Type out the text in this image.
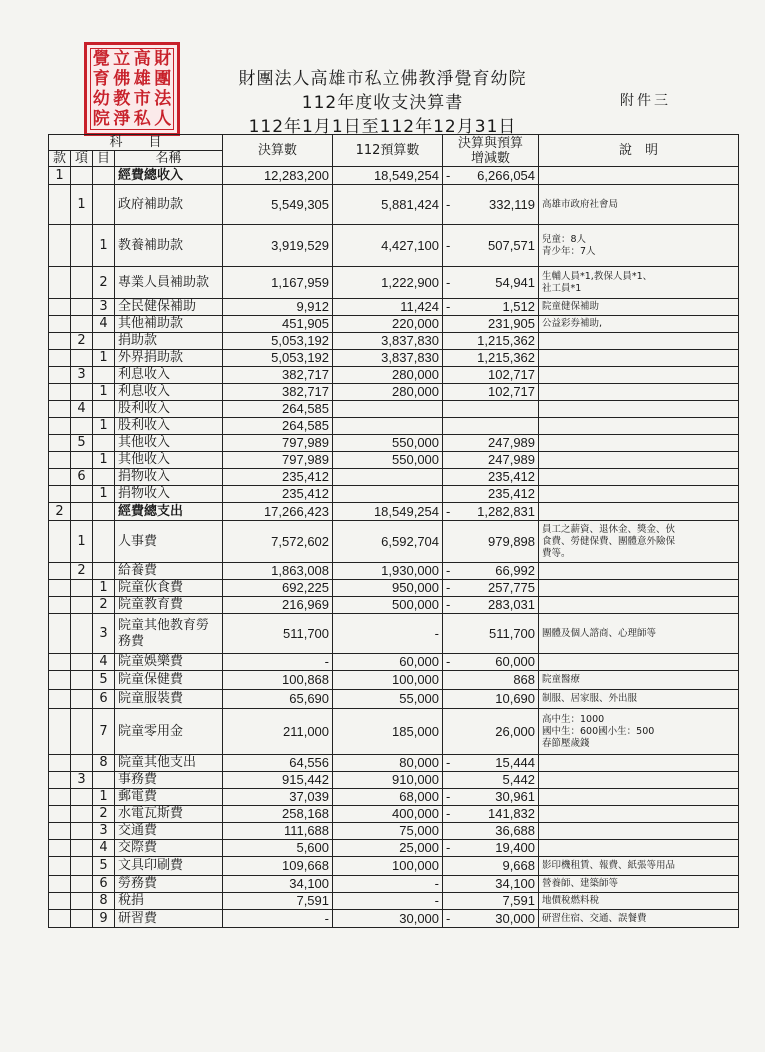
覺 立 高 財
育 佛 雄 團
幼 教 市 法
院 淨 私 人
財團法人高雄市私立佛教淨覺育幼院
112年度收支決算書
112年1月1日至112年12月31日
附件三
科　　目				決算數	112預算數	決算與預算
增減數	說　明
款	項	目	名稱				
1			經費總收入	12,283,200	18,549,254	- 6,266,054	

	1		政府補助款	5,549,305	5,881,424	- 332,119	高雄市政府社會局
		1	教養補助款	3,919,529	4,427,100	- 507,571	兒童：8人
青少年：7人
		2	專業人員補助款	1,167,959	1,222,900	- 54,941	生輔人員*1,教保人員*1、
社工員*1
		3	全民健保補助	9,912	11,424	- 1,512	院童健保補助
		4	其他補助款	451,905	220,000	231,905	公益彩券補助,
	2		捐助款	5,053,192	3,837,830	1,215,362	

		1	外界捐助款	5,053,192	3,837,830	1,215,362	

	3		利息收入	382,717	280,000	102,717	

		1	利息收入	382,717	280,000	102,717	

	4		股利收入	264,585		

		1	股利收入	264,585		

	5		其他收入	797,989	550,000	247,989	

		1	其他收入	797,989	550,000	247,989	

	6		捐物收入	235,412		235,412	

		1	捐物收入	235,412		235,412	

2			經費總支出	17,266,423	18,549,254	- 1,282,831	

	1		人事費	7,572,602	6,592,704	979,898	員工之薪資、退休金、獎金、伙
食費、勞健保費、團體意外險保
費等。
	2		給養費	1,863,008	1,930,000	- 66,992	

		1	院童伙食費	692,225	950,000	- 257,775	

		2	院童教育費	216,969	500,000	- 283,031	

		3	院童其他教育勞務費	511,700	-	511,700	團體及個人諮商、心理師等
		4	院童娛樂費	-	60,000	- 60,000	

		5	院童保健費	100,868	100,000	868	院童醫療
		6	院童服裝費	65,690	55,000	10,690	制服、居家服、外出服
		7	院童零用金	211,000	185,000	26,000	高中生：1000
國中生：600國小生：500
春節壓歲錢
		8	院童其他支出	64,556	80,000	- 15,444	

	3		事務費	915,442	910,000	5,442	

		1	郵電費	37,039	68,000	- 30,961	

		2	水電瓦斯費	258,168	400,000	- 141,832	

		3	交通費	111,688	75,000	36,688	

		4	交際費	5,600	25,000	- 19,400	

		5	文具印刷費	109,668	100,000	9,668	影印機租賃、報費、紙張等用品
		6	勞務費	34,100	-	34,100	營養師、建築師等
		8	稅捐	7,591	-	7,591	地價稅燃料稅
		9	研習費	-	30,000	- 30,000	研習住宿、交通、誤餐費
